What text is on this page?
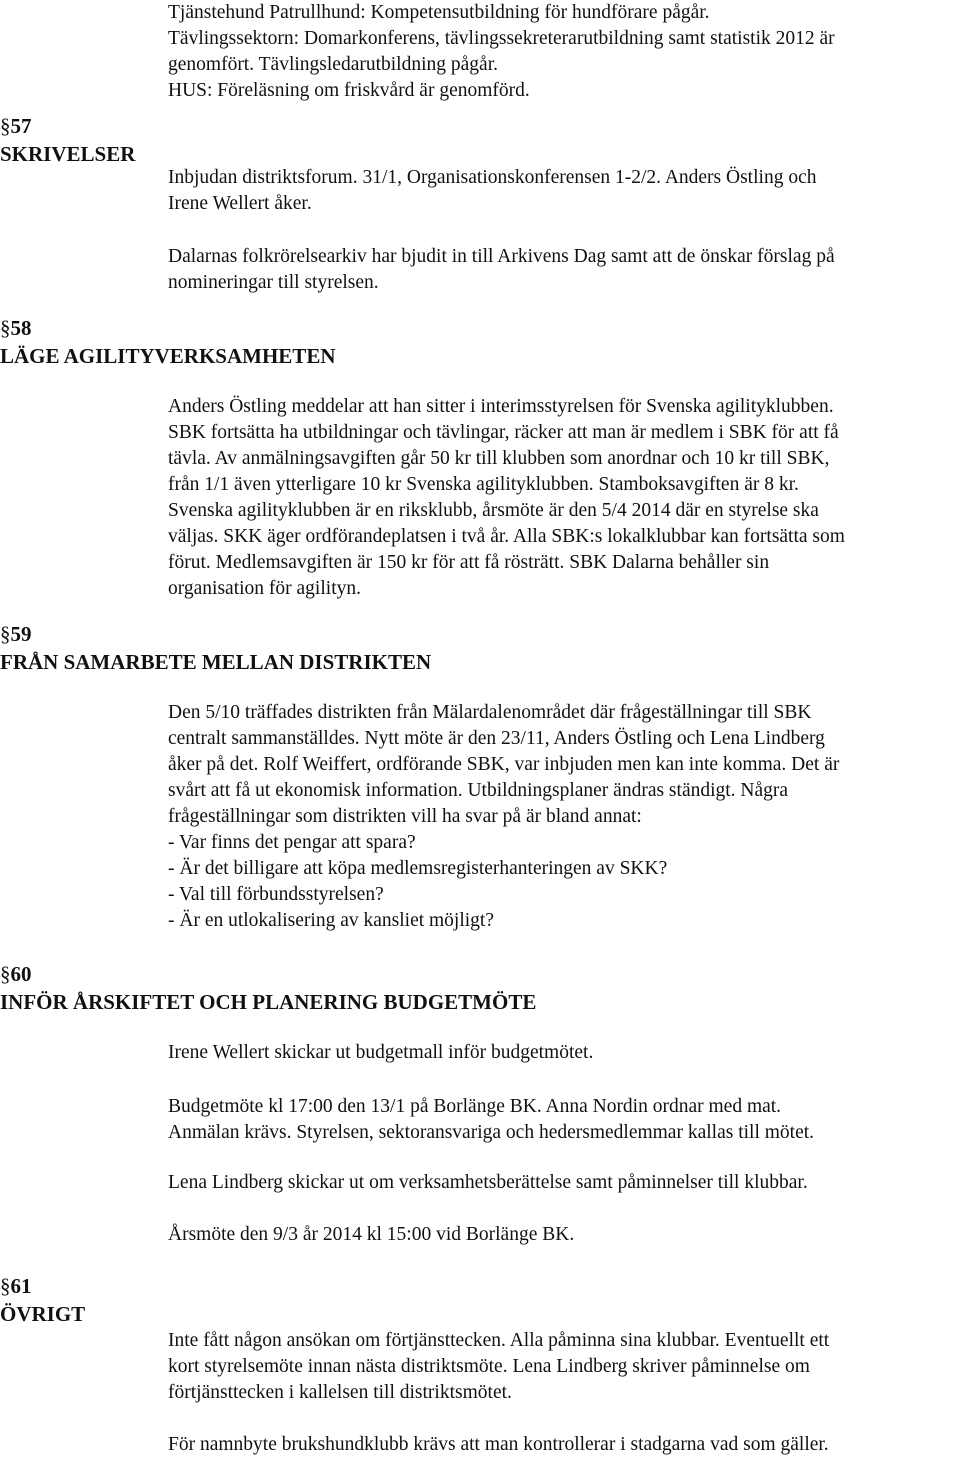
Tjänstehund Patrullhund: Kompetensutbildning för hundförare pågår.
Tävlingssektorn: Domarkonferens, tävlingssekreterarutbildning samt statistik 2012 är
genomfört. Tävlingsledarutbildning pågår.
HUS: Föreläsning om friskvård är genomförd.
§57
SKRIVELSER
Inbjudan distriktsforum. 31/1, Organisationskonferensen 1-2/2. Anders Östling och
Irene Wellert åker.
Dalarnas folkrörelsearkiv har bjudit in till Arkivens Dag samt att de önskar förslag på
nomineringar till styrelsen.
§58
LÄGE AGILITYVERKSAMHETEN
Anders Östling meddelar att han sitter i interimsstyrelsen för Svenska agilityklubben.
SBK fortsätta ha utbildningar och tävlingar, räcker att man är medlem i SBK för att få
tävla. Av anmälningsavgiften går 50 kr till klubben som anordnar och 10 kr till SBK,
från 1/1 även ytterligare 10 kr Svenska agilityklubben. Stamboksavgiften är 8 kr.
Svenska agilityklubben är en riksklubb, årsmöte är den 5/4 2014 där en styrelse ska
väljas. SKK äger ordförandeplatsen i två år. Alla SBK:s lokalklubbar kan fortsätta som
förut. Medlemsavgiften är 150 kr för att få rösträtt. SBK Dalarna behåller sin
organisation för agilityn.
§59
FRÅN SAMARBETE MELLAN DISTRIKTEN
Den 5/10 träffades distrikten från Mälardalenområdet där frågeställningar till SBK
centralt sammanställdes. Nytt möte är den 23/11, Anders Östling och Lena Lindberg
åker på det. Rolf Weiffert, ordförande SBK, var inbjuden men kan inte komma. Det är
svårt att få ut ekonomisk information. Utbildningsplaner ändras ständigt. Några
frågeställningar som distrikten vill ha svar på är bland annat:
- Var finns det pengar att spara?
- Är det billigare att köpa medlemsregisterhanteringen av SKK?
- Val till förbundsstyrelsen?
- Är en utlokalisering av kansliet möjligt?
§60
INFÖR ÅRSKIFTET OCH PLANERING BUDGETMÖTE
Irene Wellert skickar ut budgetmall inför budgetmötet.
Budgetmöte kl 17:00 den 13/1 på Borlänge BK. Anna Nordin ordnar med mat.
Anmälan krävs. Styrelsen, sektoransvariga och hedersmedlemmar kallas till mötet.
Lena Lindberg skickar ut om verksamhetsberättelse samt påminnelser till klubbar.
Årsmöte den 9/3 år 2014 kl 15:00 vid Borlänge BK.
§61
ÖVRIGT
Inte fått någon ansökan om förtjänsttecken. Alla påminna sina klubbar. Eventuellt ett
kort styrelsemöte innan nästa distriktsmöte. Lena Lindberg skriver påminnelse om
förtjänsttecken i kallelsen till distriktsmötet.
För namnbyte brukshundklubb krävs att man kontrollerar i stadgarna vad som gäller.
